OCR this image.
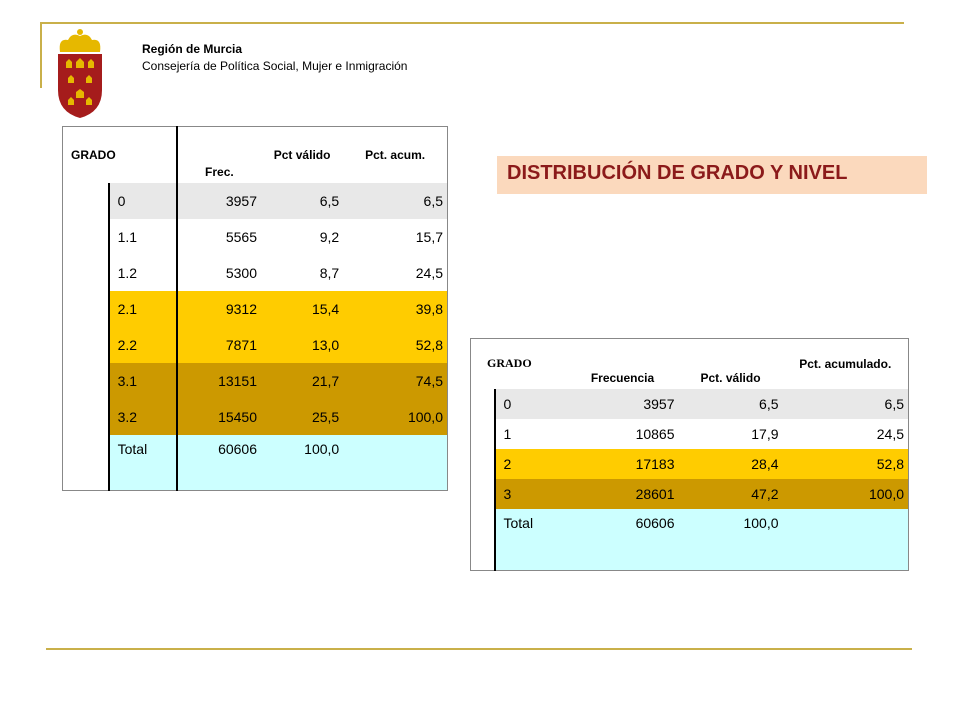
Región de Murcia
Consejería de Política Social, Mujer e Inmigración
DISTRIBUCIÓN DE GRADO Y NIVEL
GRADO		Frec.	Pct válido	Pct. acum.
	0	3957	6,5	6,5
	1.1	5565	9,2	15,7
	1.2	5300	8,7	24,5
	2.1	9312	15,4	39,8
	2.2	7871	13,0	52,8
	3.1	13151	21,7	74,5
	3.2	15450	25,5	100,0
	Total	60606	100,0	
GRADO		Frecuencia	Pct. válido	Pct. acumulado.
	0	3957	6,5	6,5
	1	10865	17,9	24,5
	2	17183	28,4	52,8
	3	28601	47,2	100,0
	Total	60606	100,0	
